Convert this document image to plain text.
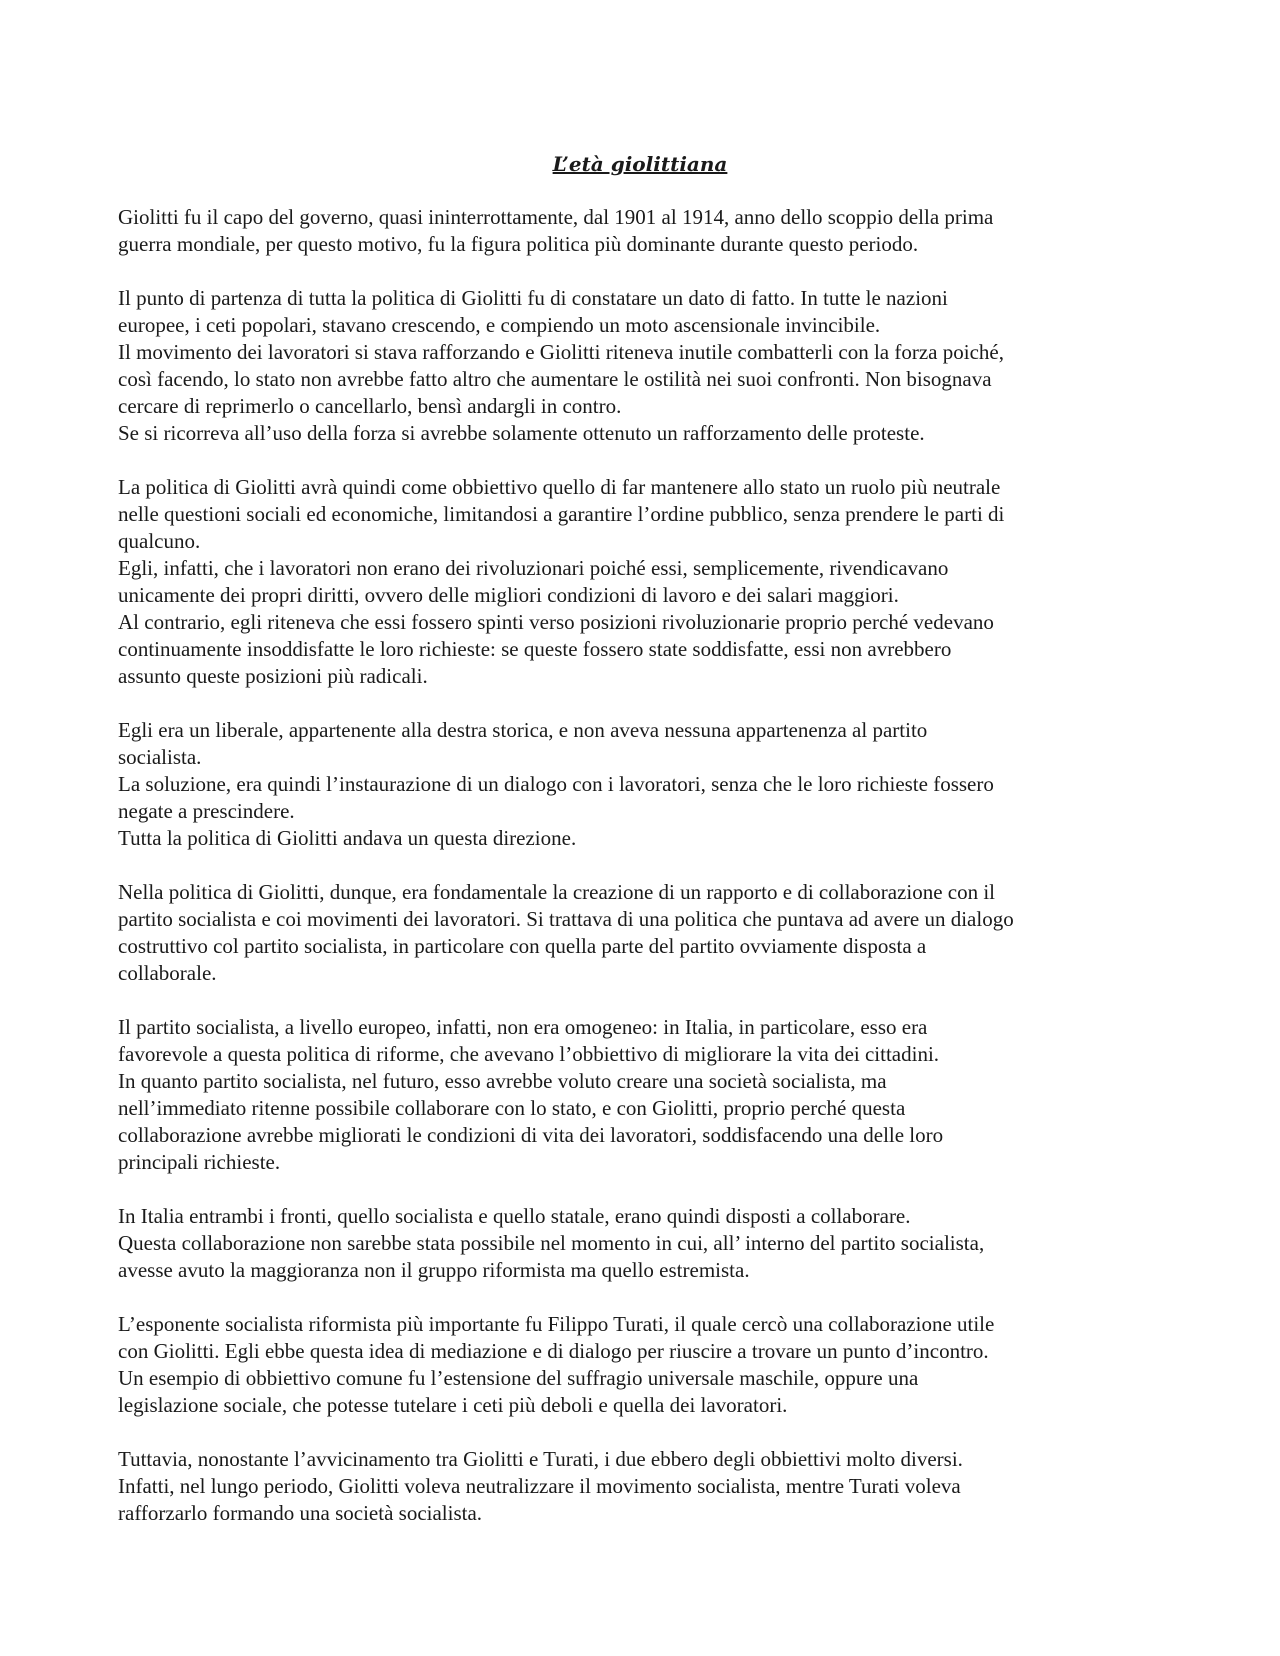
L’età giolittiana
Giolitti fu il capo del governo, quasi ininterrottamente, dal 1901 al 1914, anno dello scoppio della prima
guerra mondiale, per questo motivo, fu la figura politica più dominante durante questo periodo.
Il punto di partenza di tutta la politica di Giolitti fu di constatare un dato di fatto. In tutte le nazioni
europee, i ceti popolari, stavano crescendo, e compiendo un moto ascensionale invincibile.
Il movimento dei lavoratori si stava rafforzando e Giolitti riteneva inutile combatterli con la forza poiché,
così facendo, lo stato non avrebbe fatto altro che aumentare le ostilità nei suoi confronti. Non bisognava
cercare di reprimerlo o cancellarlo, bensì andargli in contro.
Se si ricorreva all’uso della forza si avrebbe solamente ottenuto un rafforzamento delle proteste.
La politica di Giolitti avrà quindi come obbiettivo quello di far mantenere allo stato un ruolo più neutrale
nelle questioni sociali ed economiche, limitandosi a garantire l’ordine pubblico, senza prendere le parti di
qualcuno.
Egli, infatti, che i lavoratori non erano dei rivoluzionari poiché essi, semplicemente, rivendicavano
unicamente dei propri diritti, ovvero delle migliori condizioni di lavoro e dei salari maggiori.
Al contrario, egli riteneva che essi fossero spinti verso posizioni rivoluzionarie proprio perché vedevano
continuamente insoddisfatte le loro richieste: se queste fossero state soddisfatte, essi non avrebbero
assunto queste posizioni più radicali.
Egli era un liberale, appartenente alla destra storica, e non aveva nessuna appartenenza al partito
socialista.
La soluzione, era quindi l’instaurazione di un dialogo con i lavoratori, senza che le loro richieste fossero
negate a prescindere.
Tutta la politica di Giolitti andava un questa direzione.
Nella politica di Giolitti, dunque, era fondamentale la creazione di un rapporto e di collaborazione con il
partito socialista e coi movimenti dei lavoratori. Si trattava di una politica che puntava ad avere un dialogo
costruttivo col partito socialista, in particolare con quella parte del partito ovviamente disposta a
collaborale.
Il partito socialista, a livello europeo, infatti, non era omogeneo: in Italia, in particolare, esso era
favorevole a questa politica di riforme, che avevano l’obbiettivo di migliorare la vita dei cittadini.
In quanto partito socialista, nel futuro, esso avrebbe voluto creare una società socialista, ma
nell’immediato ritenne possibile collaborare con lo stato, e con Giolitti, proprio perché questa
collaborazione avrebbe migliorati le condizioni di vita dei lavoratori, soddisfacendo una delle loro
principali richieste.
In Italia entrambi i fronti, quello socialista e quello statale, erano quindi disposti a collaborare.
Questa collaborazione non sarebbe stata possibile nel momento in cui, all’ interno del partito socialista,
avesse avuto la maggioranza non il gruppo riformista ma quello estremista.
L’esponente socialista riformista più importante fu Filippo Turati, il quale cercò una collaborazione utile
con Giolitti. Egli ebbe questa idea di mediazione e di dialogo per riuscire a trovare un punto d’incontro.
Un esempio di obbiettivo comune fu l’estensione del suffragio universale maschile, oppure una
legislazione sociale, che potesse tutelare i ceti più deboli e quella dei lavoratori.
Tuttavia, nonostante l’avvicinamento tra Giolitti e Turati, i due ebbero degli obbiettivi molto diversi.
Infatti, nel lungo periodo, Giolitti voleva neutralizzare il movimento socialista, mentre Turati voleva
rafforzarlo formando una società socialista.
